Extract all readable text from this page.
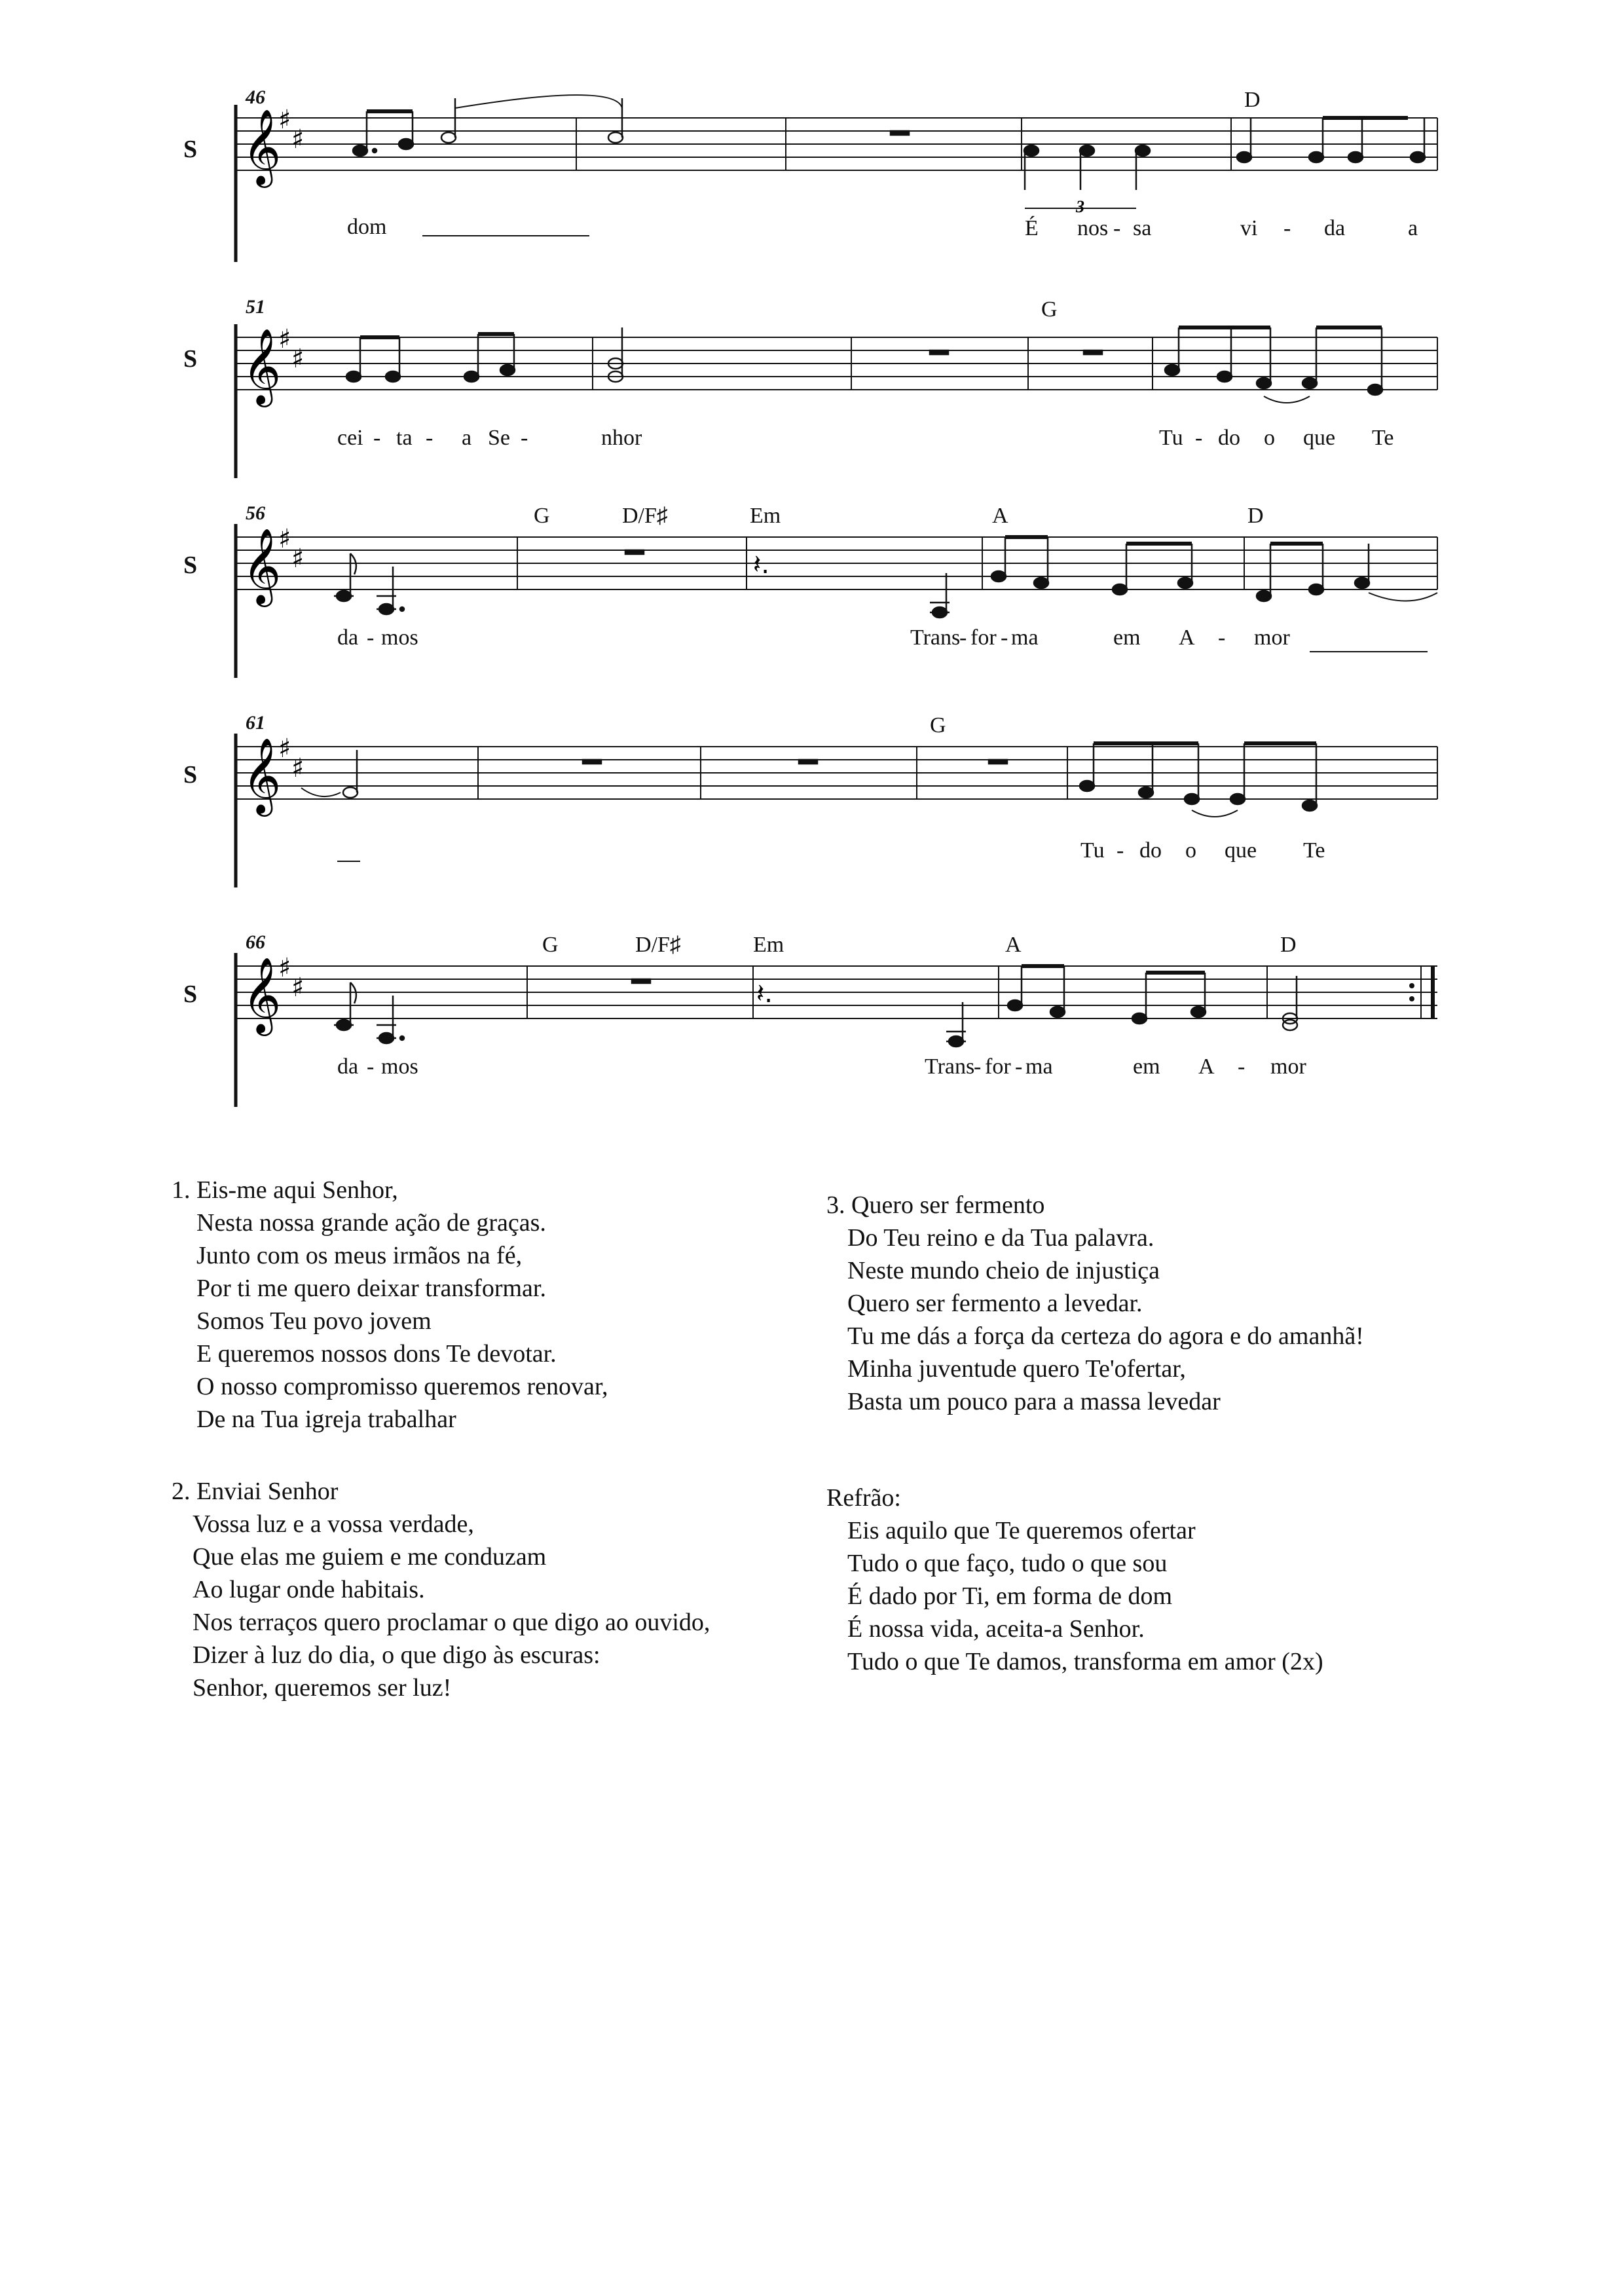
S
46	D
𝄞
♯
♯
3
dom	É nos - sa	vi - da	a
S
51	G
𝄞
♯
♯
cei - ta - a Se -	nhor	Tu - do o que Te
S
56	G	D/F♯	Em	A	D
𝄞
♯
♯	𝄽.
da - mos	Trans
- for - ma	em A - mor
S
61	G
𝄞
♯
♯
Tu - do o que Te
S
66	G	D/F♯	Em	A	D
𝄞
♯
♯	𝄽.
da - mos	Trans
- for - ma	em A - mor
1. Eis-me aqui Senhor,
Nesta nossa grande ação de graças.
Junto com os meus irmãos na fé,
Por ti me quero deixar transformar.
Somos Teu povo jovem
E queremos nossos dons Te devotar.
O nosso compromisso queremos renovar,
De na Tua igreja trabalhar
2. Enviai Senhor
Vossa luz e a vossa verdade,
Que elas me guiem e me conduzam
Ao lugar onde habitais.
Nos terraços quero proclamar o que digo ao ouvido,
Dizer à luz do dia, o que digo às escuras:
Senhor, queremos ser luz!
3. Quero ser fermento
Do Teu reino e da Tua palavra.
Neste mundo cheio de injustiça
Quero ser fermento a levedar.
Tu me dás a força da certeza do agora e do amanhã!
Minha juventude quero Te'ofertar,
Basta um pouco para a massa levedar
Refrão:
Eis aquilo que Te queremos ofertar
Tudo o que faço, tudo o que sou
É dado por Ti, em forma de dom
É nossa vida, aceita-a Senhor.
Tudo o que Te damos, transforma em amor (2x)
